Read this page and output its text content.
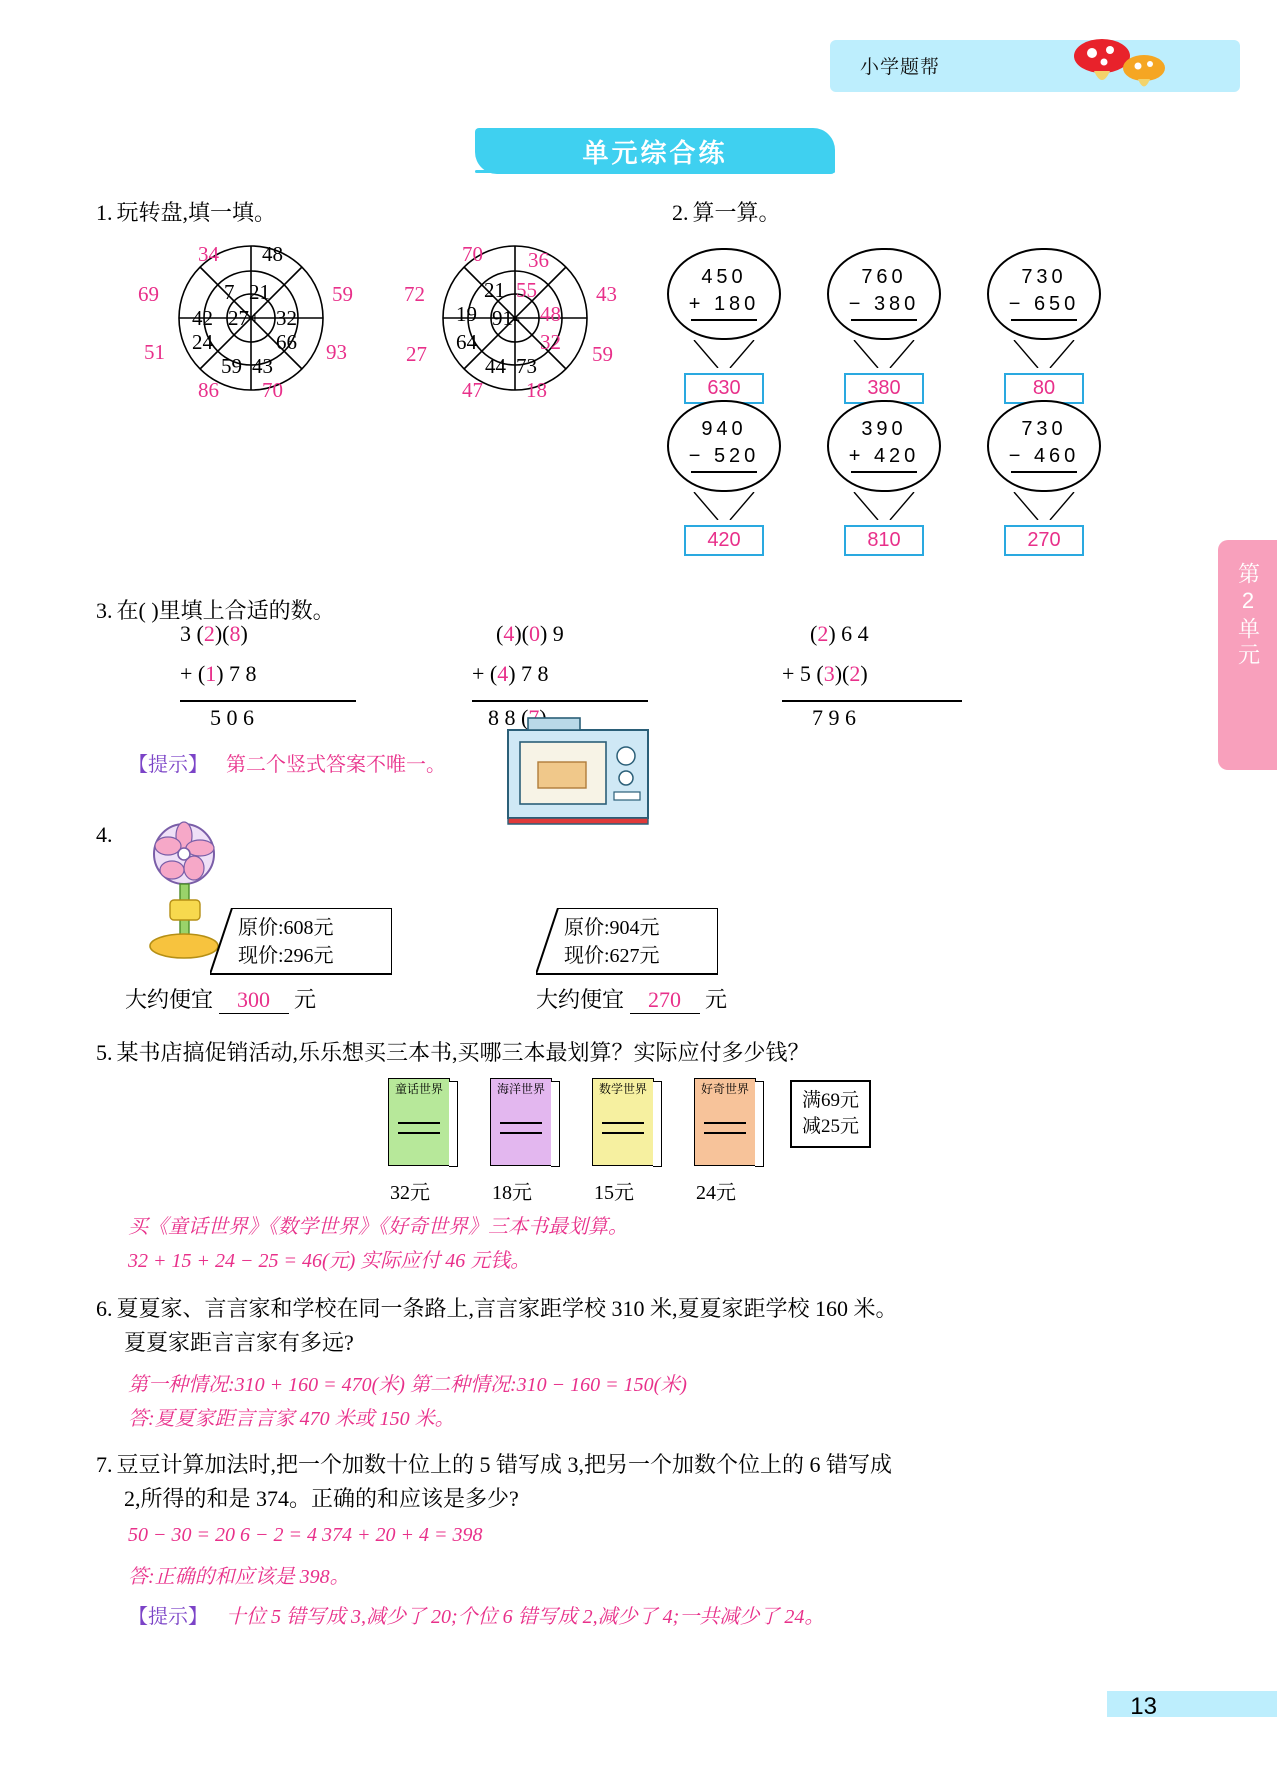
小学题帮
第2单元
单元综合练
1. 玩转盘,填一填。
34 48
7 21
69	59
42 27+ 32
24	66
51	93
59 43
86 70
70 36
21 55
72	43
19 91- 48
64	32
27	59
44 73
47 18
2. 算一算。
450
+ 180
630
760
− 380
380
730
− 650
80
940
− 520
420
390
+ 420
810
730
− 460
270
3. 在( )里填上合适的数。
3 (2)(8)
+ (1) 7 8
5 0 6
(4)(0) 9
+ (4) 7 8
8 8 (
(2) 6 4
+ 5 (3)(2)
7 9 6
【提示】 第二个竖式答案不唯一。
4.
原价:608元
现价:296元
原价:904元
现价:627元
大约便宜 300 元	大约便宜 270 元
5. 某书店搞促销活动,乐乐想买三本书,买哪三本最划算？实际应付多少钱？
童话世界
32元
海洋世界
18元
数学世界
15元
好奇世界
24元
满69元
减25元
买《童话世界》《数学世界》《好奇世界》三本书最划算。
32 + 15 + 24 − 25 = 46(元) 实际应付 46 元钱。
6. 夏夏家、言言家和学校在同一条路上,言言家距学校 310 米,夏夏家距学校 160 米。
夏夏家距言言家有多远?
第一种情况:310 + 160 = 470(米) 第二种情况:310 − 160 = 150(米)
答:夏夏家距言言家 470 米或 150 米。
7. 豆豆计算加法时,把一个加数十位上的 5 错写成 3,把另一个加数个位上的 6 错写成
2,所得的和是 374。正确的和应该是多少?
50 − 30 = 20 6 − 2 = 4 374 + 20 + 4 = 398
答:正确的和应该是 398。
【提示】 十位 5 错写成 3,减少了 20;个位 6 错写成 2,减少了 4;一共减少了 24。
13
